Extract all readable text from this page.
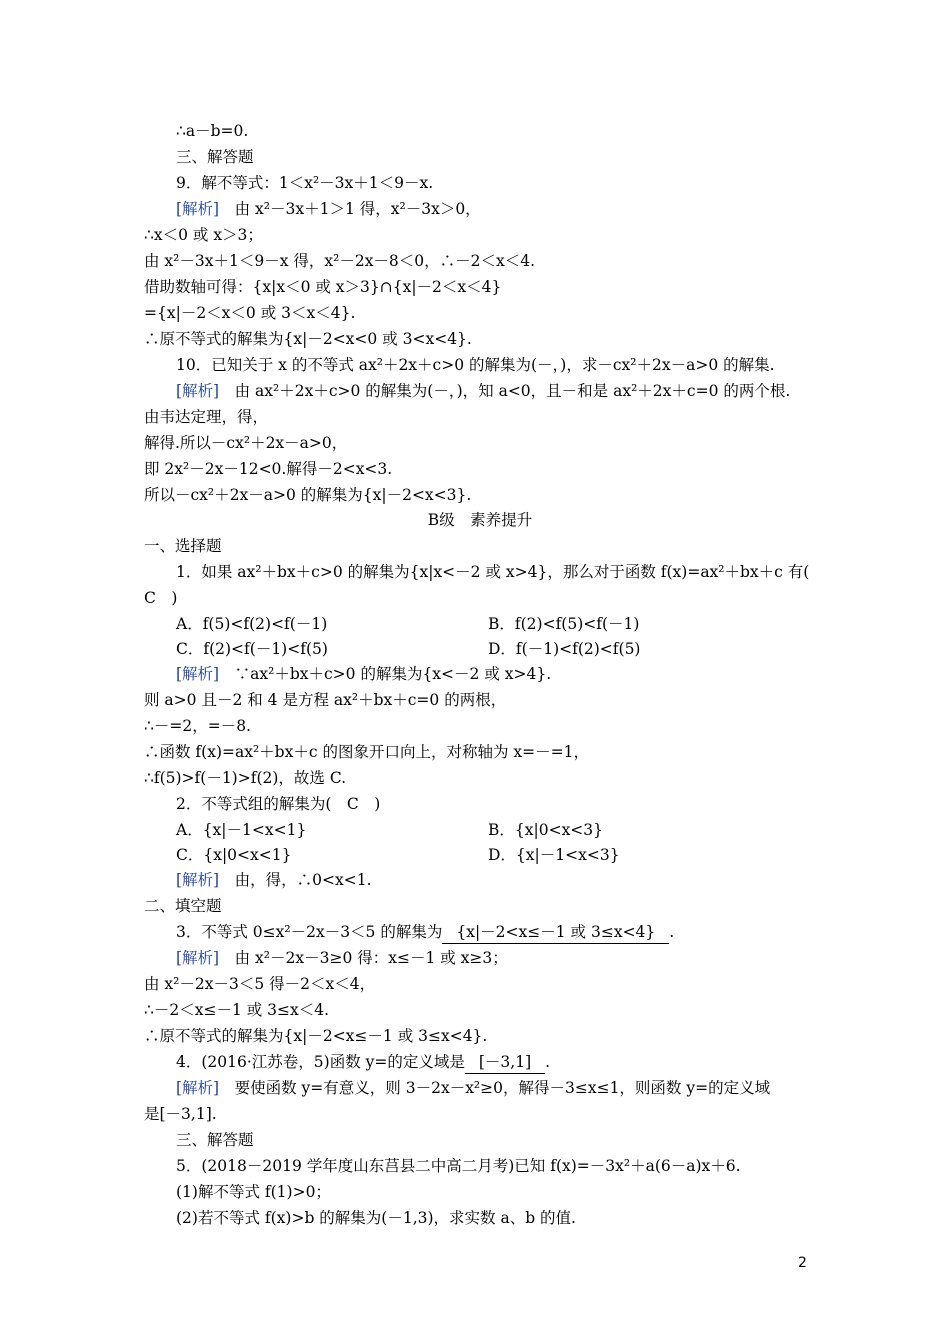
∴a－b=0.
三、解答题
9．解不等式：1＜x²－3x＋1＜9－x.
[解析]　 由 x²－3x＋1＞1 得，x²－3x＞0，
∴x＜0 或 x＞3；
由 x²－3x＋1＜9－x 得，x²－2x－8＜0，∴－2＜x＜4.
借助数轴可得：{x|x＜0 或 x＞3}∩{x|－2＜x＜4}
={x|－2＜x＜0 或 3＜x＜4}.
∴原不等式的解集为{x|－2<x<0 或 3<x<4}.
10．已知关于 x 的不等式 ax²＋2x＋c>0 的解集为(－，)，求－cx²＋2x－a>0 的解集.
[解析]　 由 ax²＋2x＋c>0 的解集为(－，)，知 a<0，且－和是 ax²＋2x＋c=0 的两个根.
由韦达定理，得，
解得.所以－cx²＋2x－a>0，
即 2x²－2x－12<0.解得－2<x<3.
所以－cx²＋2x－a>0 的解集为{x|－2<x<3}.
B级　素养提升
一、选择题
1．如果 ax²＋bx＋c>0 的解集为{x|x<－2 或 x>4}，那么对于函数 f(x)=ax²＋bx＋c 有(
C　)
A．f(5)<f(2)<f(－1)	B．f(2)<f(5)<f(－1)
C．f(2)<f(－1)<f(5)	D．f(－1)<f(2)<f(5)
[解析]　 ∵ax²＋bx＋c>0 的解集为{x<－2 或 x>4}.
则 a>0 且－2 和 4 是方程 ax²＋bx＋c=0 的两根，
∴－=2，=－8.
∴函数 f(x)=ax²＋bx＋c 的图象开口向上，对称轴为 x=－=1，
∴f(5)>f(－1)>f(2)，故选 C.
2．不等式组的解集为(　C　)
A．{x|－1<x<1}	B．{x|0<x<3}
C．{x|0<x<1}	D．{x|－1<x<3}
[解析]　 由，得，∴0<x<1.
二、填空题
3．不等式 0≤x²－2x－3＜5 的解集为 {x|－2<x≤－1 或 3≤x<4} .
[解析]　 由 x²－2x－3≥0 得：x≤－1 或 x≥3；
由 x²－2x－3＜5 得－2＜x＜4，
∴－2＜x≤－1 或 3≤x＜4.
∴原不等式的解集为{x|－2<x≤－1 或 3≤x<4}.
4．(2016·江苏卷，5)函数 y=的定义域是 [－3,1] .
[解析]　 要使函数 y=有意义，则 3－2x－x²≥0，解得－3≤x≤1，则函数 y=的定义域
是[－3,1].
三、解答题
5．(2018－2019 学年度山东莒县二中高二月考)已知 f(x)=－3x²＋a(6－a)x＋6.
(1)解不等式 f(1)>0；
(2)若不等式 f(x)>b 的解集为(－1,3)，求实数 a、b 的值.
2
